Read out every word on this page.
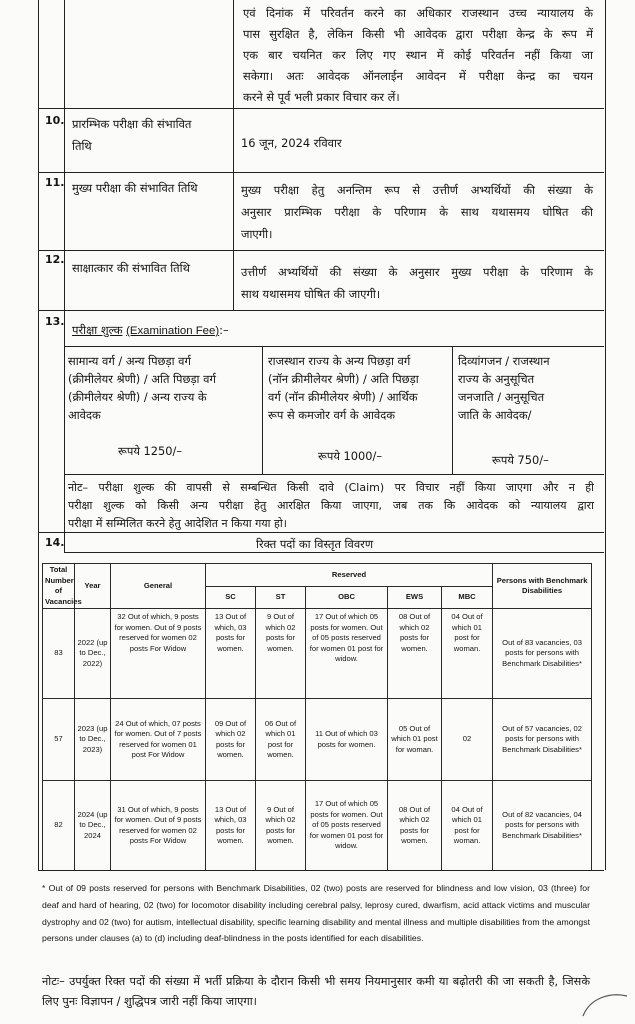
एवं दिनांक में परिवर्तन करने का अधिकार राजस्थान उच्च न्यायालय के
पास सुरक्षित है, लेकिन किसी भी आवेदक द्वारा परीक्षा केन्द्र के रूप में
एक बार चयनित कर लिए गए स्थान में कोई परिवर्तन नहीं किया जा
सकेगा। अतः आवेदक ऑनलाईन आवेदन में परीक्षा केन्द्र का चयन
करने से पूर्व भली प्रकार विचार कर लें।
10. प्रारम्भिक परीक्षा की संभावित
तिथि	16 जून, 2024 रविवार
11. मुख्य परीक्षा की संभावित तिथि	मुख्य परीक्षा हेतु अनन्तिम रूप से उत्तीर्ण अभ्यर्थियों की संख्या के
अनुसार प्रारम्भिक परीक्षा के परिणाम के साथ यथासमय घोषित की
जाएगी।
12.
साक्षात्कार की संभावित तिथि	उत्तीर्ण अभ्यर्थियों की संख्या के अनुसार मुख्य परीक्षा के परिणाम के
साथ यथासमय घोषित की जाएगी।
13.
परीक्षा शुल्क (Examination Fee):–
सामान्य वर्ग / अन्य पिछड़ा वर्ग
(क्रीमीलेयर श्रेणी) / अति पिछड़ा वर्ग
(क्रीमीलेयर श्रेणी) / अन्य राज्य के
आवेदक
रूपये 1250/–
राजस्थान राज्य के अन्य पिछड़ा वर्ग
(नॉन क्रीमीलेयर श्रेणी) / अति पिछड़ा
वर्ग (नॉन क्रीमीलेयर श्रेणी) / आर्थिक
रूप से कमजोर वर्ग के आवेदक
रूपये 1000/–
दिव्यांगजन / राजस्थान
राज्य के अनुसूचित
जनजाति / अनुसूचित
जाति के आवेदक/
रूपये 750/–
नोट– परीक्षा शुल्क की वापसी से सम्बन्धित किसी दावे (Claim) पर विचार नहीं किया जाएगा और न ही
परीक्षा शुल्क को किसी अन्य परीक्षा हेतु आरक्षित किया जाएगा, जब तक कि आवेदक को न्यायालय द्वारा
परीक्षा में सम्मिलित करने हेतु आदेशित न किया गया हो।
14.	रिक्त पदों का विस्तृत विवरण
Total Number of Vacancies	Year	General	Reserved					Persons with Benchmark Disabilities
			SC	ST	OBC	EWS	MBC	
83	2022 (up to Dec., 2022)	32 Out of which, 9 posts for women. Out of 9 posts reserved for women 02 posts For Widow	13 Out of which, 03 posts for women.	9 Out of which 02 posts for women.	17 Out of which 05 posts for women. Out of 05 posts reserved for women 01 post for widow.	08 Out of which 02 posts for women.	04 Out of which 01 post for woman.	Out of 83 vacancies, 03 posts for persons with Benchmark Disabilities*
57	2023 (up to Dec., 2023)	24 Out of which, 07 posts for women. Out of 7 posts reserved for women 01 post For Widow	09 Out of which 02 posts for women.	06 Out of which 01 post for women.	11 Out of which 03 posts for women.	05 Out of which 01 post for woman.	02	Out of 57 vacancies, 02 posts for persons with Benchmark Disabilities*
82	2024 (up to Dec., 2024	31 Out of which, 9 posts for women. Out of 9 posts reserved for women 02 posts For Widow	13 Out of which, 03 posts for women.	9 Out of which 02 posts for women.	17 Out of which 05 posts for women. Out of 05 posts reserved for women 01 post for widow.	08 Out of which 02 posts for women.	04 Out of which 01 post for woman.	Out of 82 vacancies, 04 posts for persons with Benchmark Disabilities*
* Out of 09 posts reserved for persons with Benchmark Disabilities, 02 (two) posts are reserved for blindness and low vision, 03 (three) for deaf and hard of hearing, 02 (two) for locomotor disability including cerebral palsy, leprosy cured, dwarfism, acid attack victims and muscular dystrophy and 02 (two) for autism, intellectual disability, specific learning disability and mental illness and multiple disabilities from the amongst persons under clauses (a) to (d) including deaf-blindness in the posts identified for each disabilities.
नोटः– उपर्युक्त रिक्त पदों की संख्या में भर्ती प्रक्रिया के दौरान किसी भी समय नियमानुसार कमी या बढ़ोतरी की जा सकती है, जिसके लिए पुनः विज्ञापन / शुद्धिपत्र जारी नहीं किया जाएगा।
